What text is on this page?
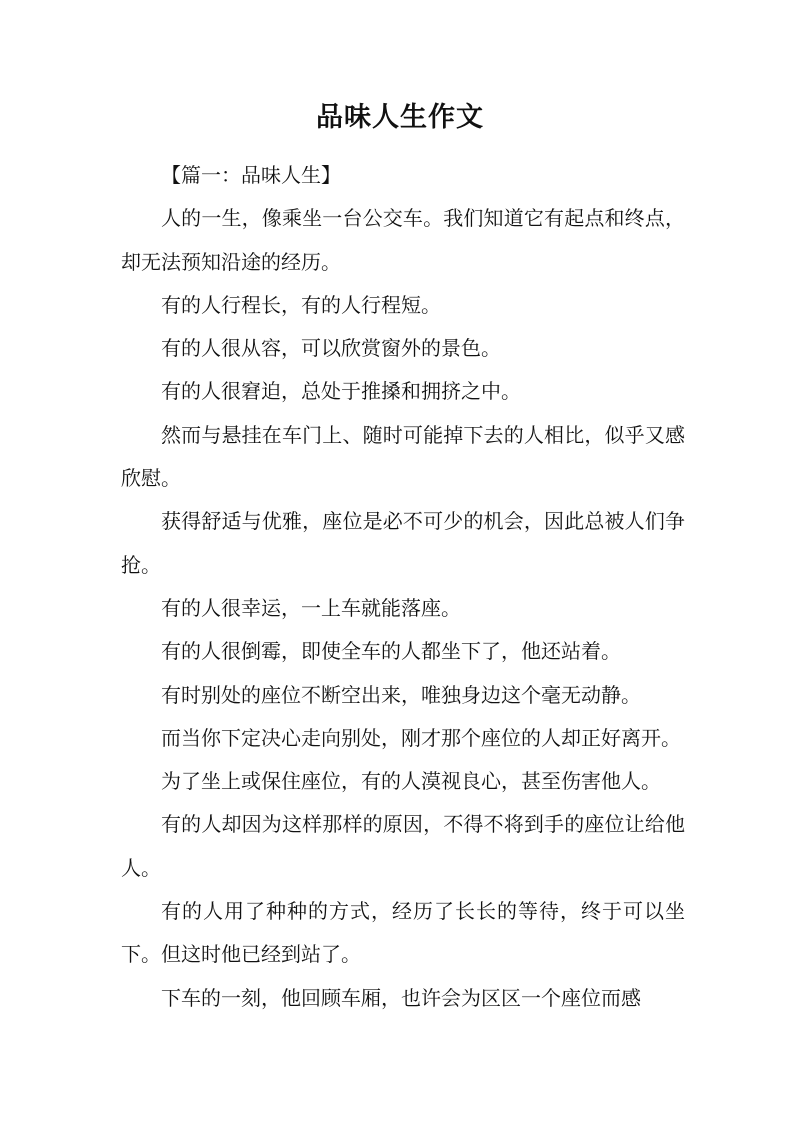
品味人生作文

【篇一：品味人生】

人的一生，像乘坐一台公交车。我们知道它有起点和终点，却无法预知沿途的经历。

有的人行程长，有的人行程短。

有的人很从容，可以欣赏窗外的景色。

有的人很窘迫，总处于推搡和拥挤之中。

然而与悬挂在车门上、随时可能掉下去的人相比，似乎又感欣慰。

获得舒适与优雅，座位是必不可少的机会，因此总被人们争抢。

有的人很幸运，一上车就能落座。

有的人很倒霉，即使全车的人都坐下了，他还站着。

有时别处的座位不断空出来，唯独身边这个毫无动静。

而当你下定决心走向别处，刚才那个座位的人却正好离开。

为了坐上或保住座位，有的人漠视良心，甚至伤害他人。

有的人却因为这样那样的原因，不得不将到手的座位让给他人。

有的人用了种种的方式，经历了长长的等待，终于可以坐下。但这时他已经到站了。

下车的一刻，他回顾车厢，也许会为区区一个座位而感
